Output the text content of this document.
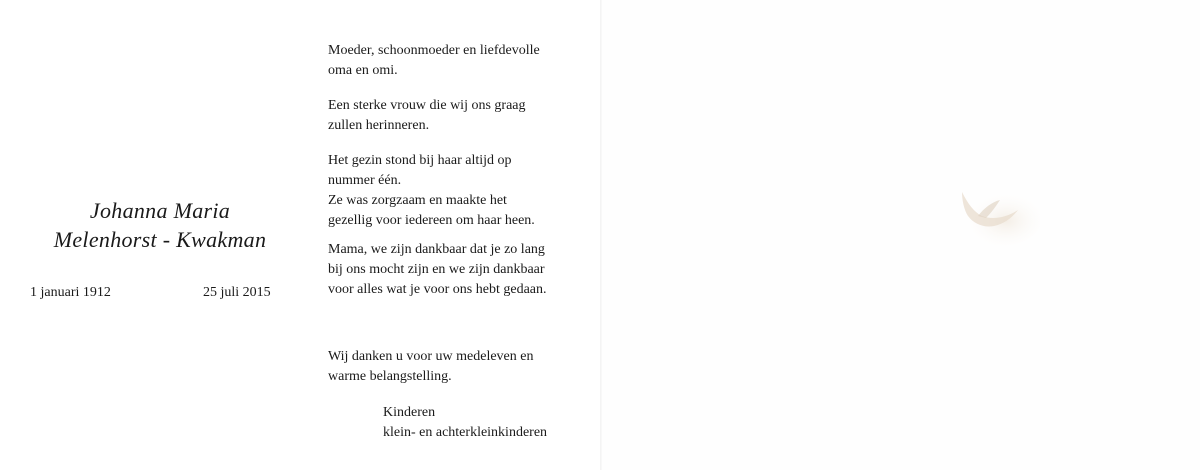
Johanna Maria
Melenhorst - Kwakman
1 januari 1912	25 juli 2015
Moeder, schoonmoeder en liefdevolle
oma en omi.
Een sterke vrouw die wij ons graag
zullen herinneren.
Het gezin stond bij haar altijd op
nummer één.
Ze was zorgzaam en maakte het
gezellig voor iedereen om haar heen.
Mama, we zijn dankbaar dat je zo lang
bij ons mocht zijn en we zijn dankbaar
voor alles wat je voor ons hebt gedaan.
Wij danken u voor uw medeleven en
warme belangstelling.
Kinderen
klein- en achterkleinkinderen
